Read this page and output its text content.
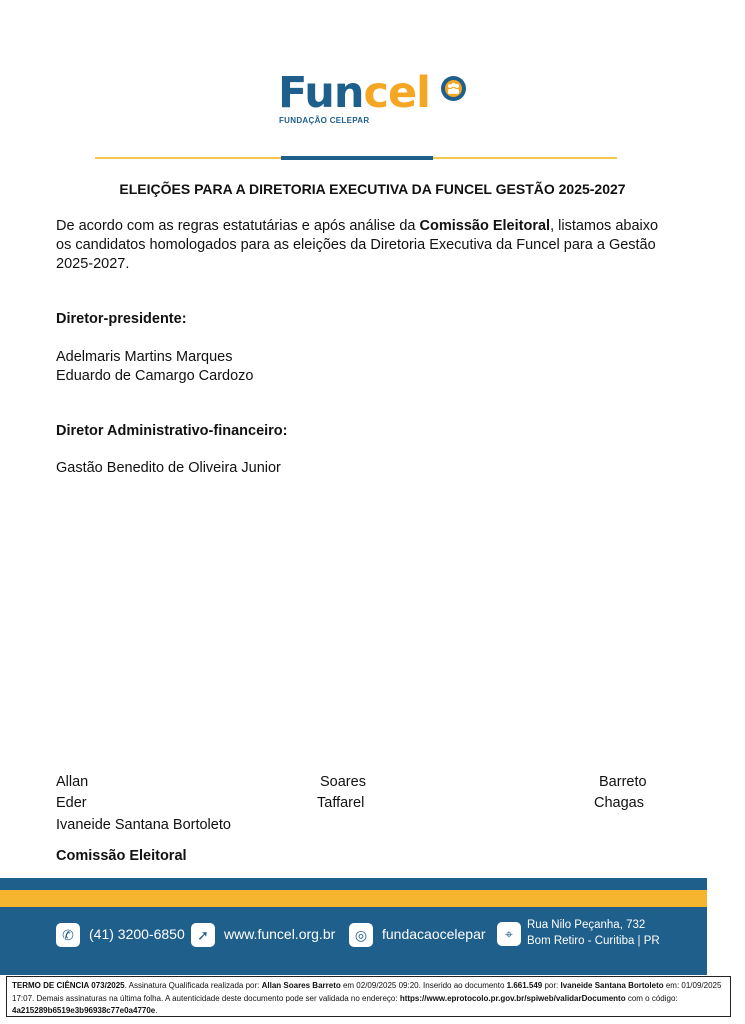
Funcel
FUNDAÇÃO CELEPAR
ELEIÇÕES PARA A DIRETORIA EXECUTIVA DA FUNCEL GESTÃO 2025-2027
De acordo com as regras estatutárias e após análise da Comissão Eleitoral, listamos abaixo os candidatos homologados para as eleições da Diretoria Executiva da Funcel para a Gestão 2025-2027.
Diretor-presidente:
Adelmaris Martins Marques
Eduardo de Camargo Cardozo
Diretor Administrativo-financeiro:
Gastão Benedito de Oliveira Junior
Allan	Soares	Barreto
Eder	Taffarel	Chagas
Ivaneide Santana Bortoleto
Comissão Eleitoral
✆	(41) 3200-6850 ➚	www.funcel.org.br	◎	fundacaocelepar	⌖
Rua Nilo Peçanha, 732
Bom Retiro - Curitiba | PR
TERMO DE CIÊNCIA 073/2025. Assinatura Qualificada realizada por: Allan Soares Barreto em 02/09/2025 09:20. Inserido ao documento 1.661.549 por: Ivaneide Santana Bortoleto em: 01/09/2025 17:07. Demais assinaturas na última folha. A autenticidade deste documento pode ser validada no endereço: https://www.eprotocolo.pr.gov.br/spiweb/validarDocumento com o código: 4a215289b6519e3b96938c77e0a4770e.
